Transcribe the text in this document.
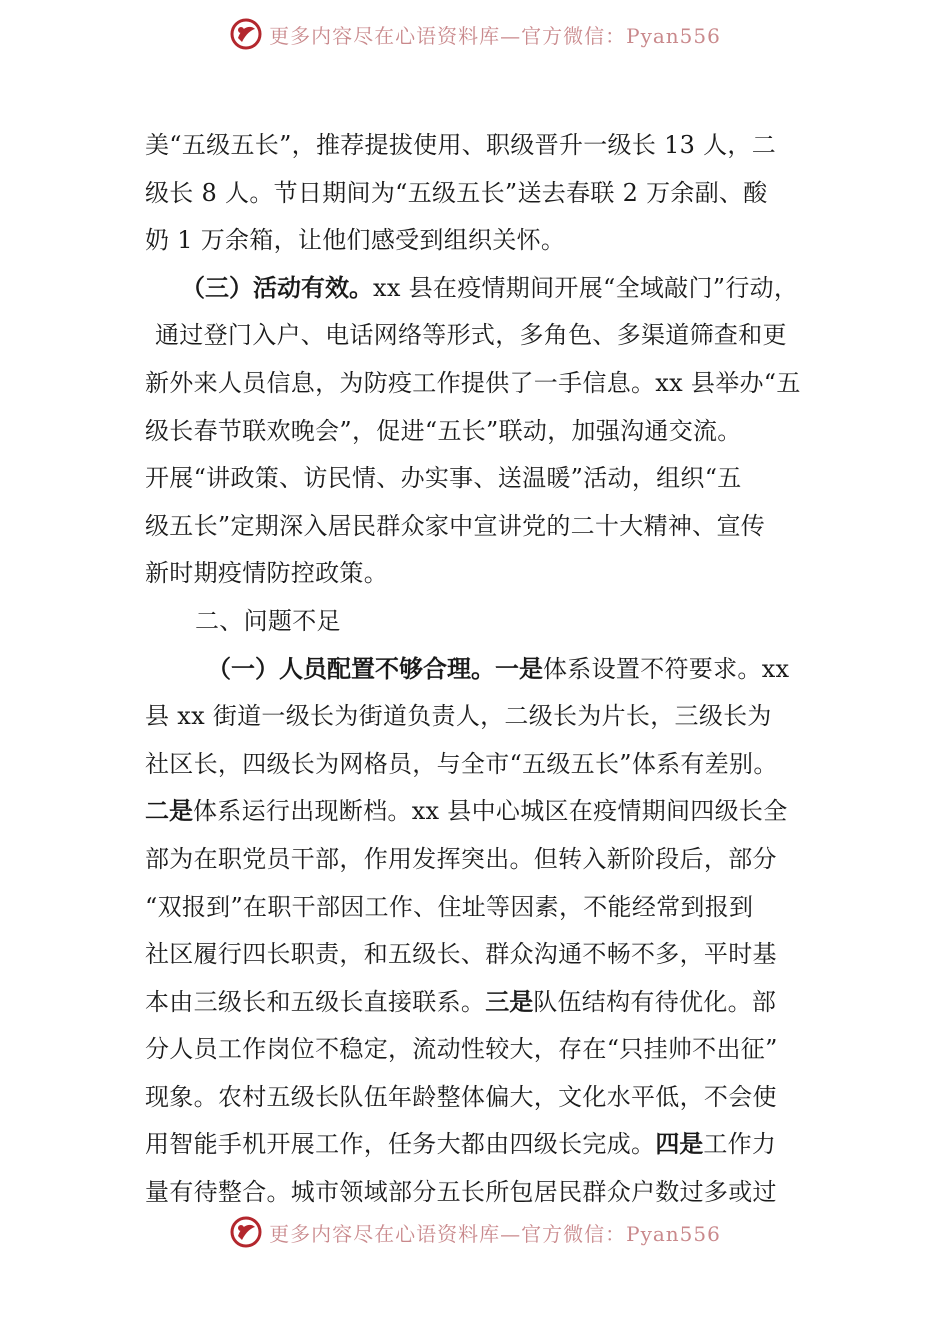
更多内容尽在心语资料库—官方微信：Pyan556
美“五级五长”，推荐提拔使用、职级晋升一级长 13 人，二
级长 8 人。节日期间为“五级五长”送去春联 2 万余副、酸
奶 1 万余箱，让他们感受到组织关怀。
（三）活动有效。xx 县在疫情期间开展“全域敲门”行动，
通过登门入户、电话网络等形式，多角色、多渠道筛查和更
新外来人员信息，为防疫工作提供了一手信息。xx 县举办“五
级长春节联欢晚会”，促进“五长”联动，加强沟通交流。
开展“讲政策、访民情、办实事、送温暖”活动，组织“五
级五长”定期深入居民群众家中宣讲党的二十大精神、宣传
新时期疫情防控政策。
二、问题不足
（一）人员配置不够合理。一是体系设置不符要求。xx
县 xx 街道一级长为街道负责人，二级长为片长，三级长为
社区长，四级长为网格员，与全市“五级五长”体系有差别。
二是体系运行出现断档。xx 县中心城区在疫情期间四级长全
部为在职党员干部，作用发挥突出。但转入新阶段后，部分
“双报到”在职干部因工作、住址等因素，不能经常到报到
社区履行四长职责，和五级长、群众沟通不畅不多，平时基
本由三级长和五级长直接联系。三是队伍结构有待优化。部
分人员工作岗位不稳定，流动性较大，存在“只挂帅不出征”
现象。农村五级长队伍年龄整体偏大，文化水平低，不会使
用智能手机开展工作，任务大都由四级长完成。四是工作力
量有待整合。城市领域部分五长所包居民群众户数过多或过
更多内容尽在心语资料库—官方微信：Pyan556
